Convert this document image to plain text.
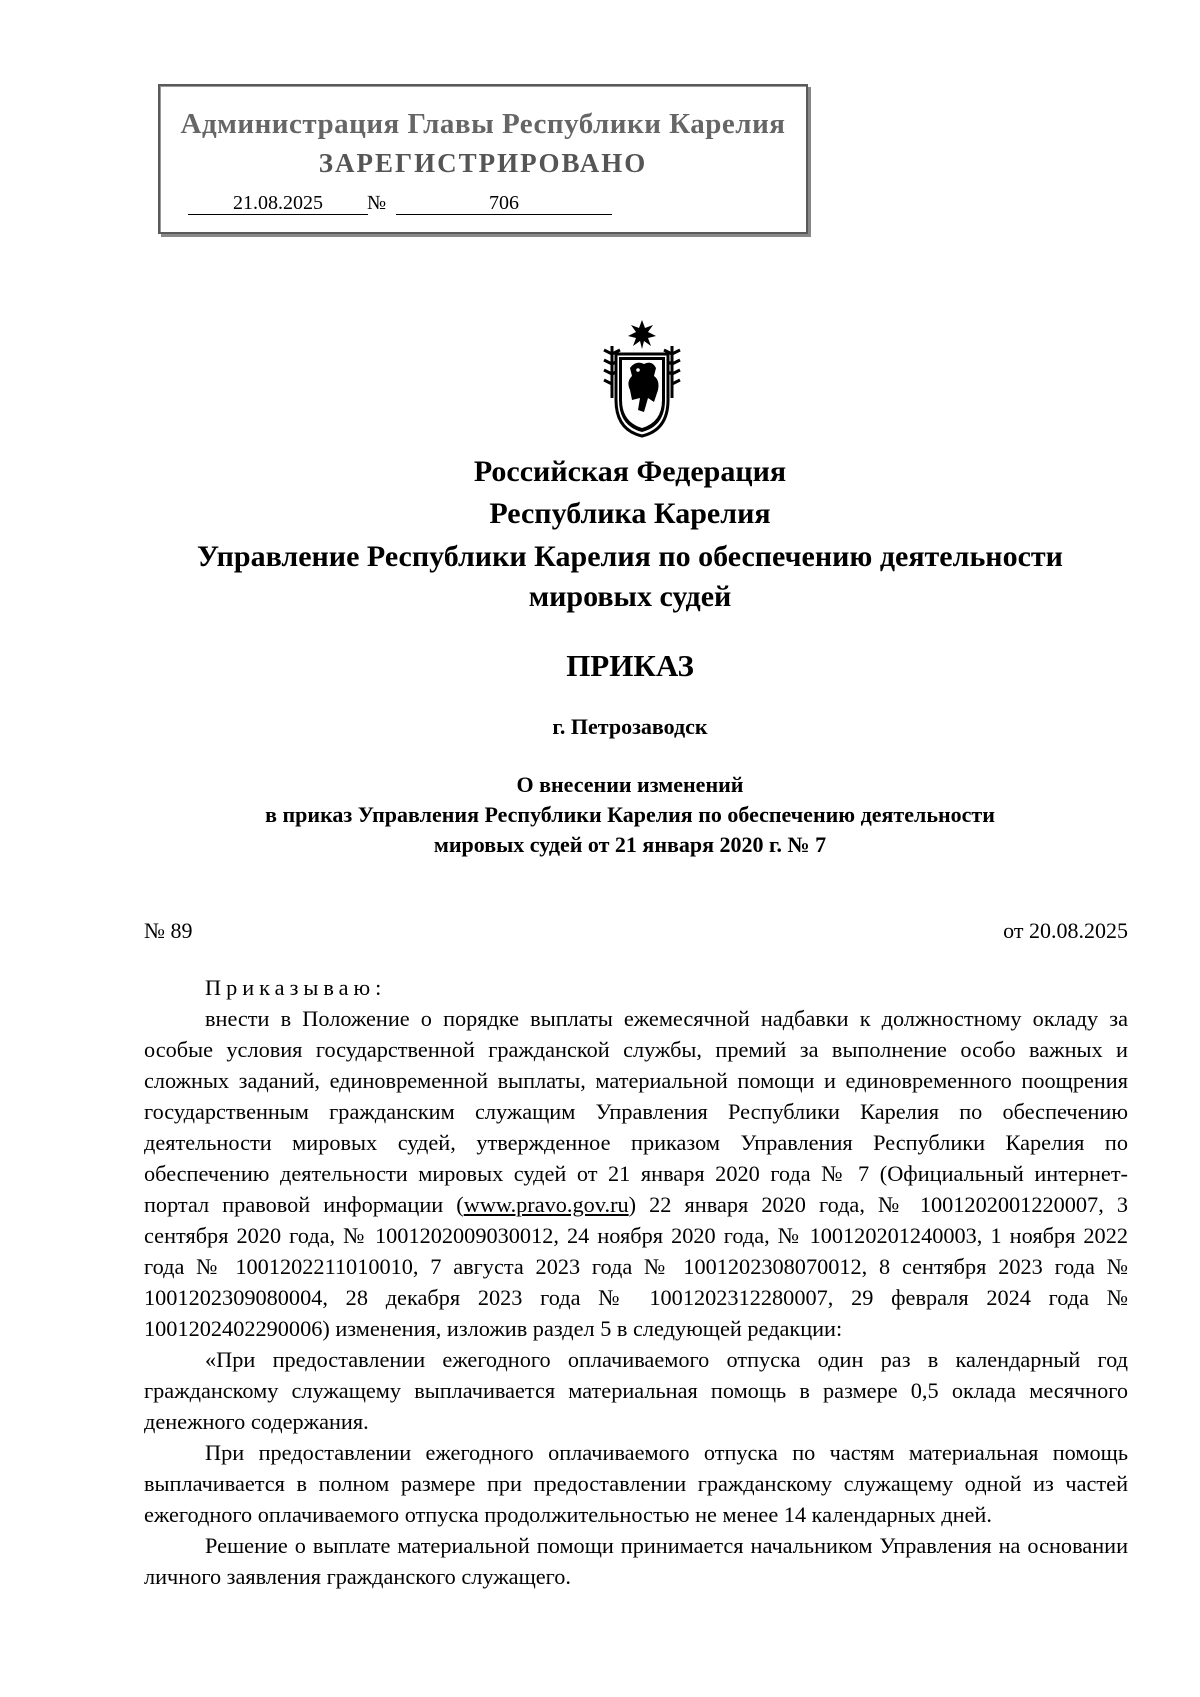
Администрация Главы Республики Карелия
ЗАРЕГИСТРИРОВАНО
21.08.2025	№	706
Российская Федерация
Республика Карелия
Управление Республики Карелия по обеспечению деятельности мировых судей
ПРИКАЗ
г. Петрозаводск
О внесении изменений
в приказ Управления Республики Карелия по обеспечению деятельности
мировых судей от 21 января 2020 г. № 7
№ 89	от 20.08.2025

Приказываю:

внести в Положение о порядке выплаты ежемесячной надбавки к должностному окладу за особые условия государственной гражданской службы, премий за выполнение особо важных и сложных заданий, единовременной выплаты, материальной помощи и единовременного поощрения государственным гражданским служащим Управления Республики Карелия по обеспечению деятельности мировых судей, утвержденное приказом Управления Республики Карелия по обеспечению деятельности мировых судей от 21 января 2020 года № 7 (Официальный интернет-портал правовой информации (www.pravo.gov.ru) 22 января 2020 года, № 1001202001220007, 3 сентября 2020 года, № 1001202009030012, 24 ноября 2020 года, № 100120201240003, 1 ноября 2022 года № 1001202211010010, 7 августа 2023 года № 1001202308070012, 8 сентября 2023 года № 1001202309080004, 28 декабря 2023 года № 1001202312280007, 29 февраля 2024 года № 1001202402290006) изменения, изложив раздел 5 в следующей редакции:

«При предоставлении ежегодного оплачиваемого отпуска один раз в календарный год гражданскому служащему выплачивается материальная помощь в размере 0,5 оклада месячного денежного содержания.

При предоставлении ежегодного оплачиваемого отпуска по частям материальная помощь выплачивается в полном размере при предоставлении гражданскому служащему одной из частей ежегодного оплачиваемого отпуска продолжительностью не менее 14 календарных дней.

Решение о выплате материальной помощи принимается начальником Управления на основании личного заявления гражданского служащего.
